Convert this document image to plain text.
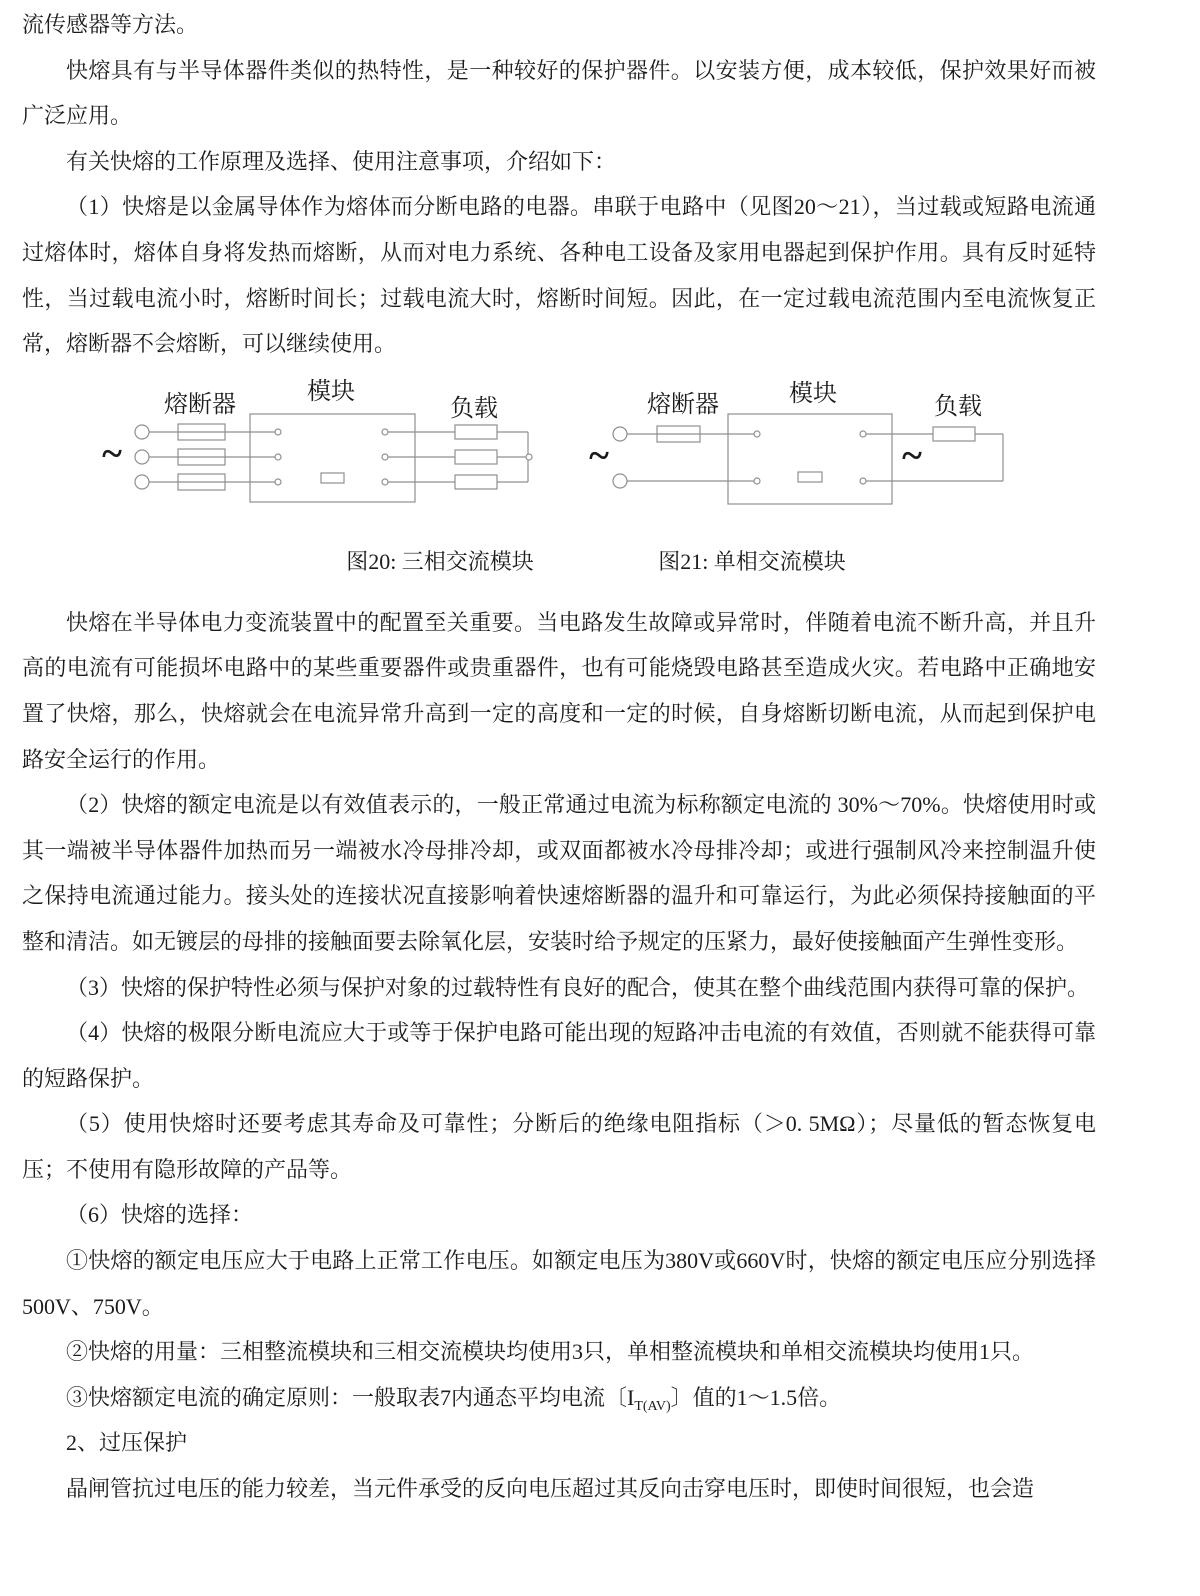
流传感器等方法。

快熔具有与半导体器件类似的热特性，是一种较好的保护器件。以安装方便，成本较低，保护效果好而被广泛应用。

有关快熔的工作原理及选择、使用注意事项，介绍如下：

（1）快熔是以金属导体作为熔体而分断电路的电器。串联于电路中（见图20～21），当过载或短路电流通过熔体时，熔体自身将发热而熔断，从而对电力系统、各种电工设备及家用电器起到保护作用。具有反时延特性，当过载电流小时，熔断时间长；过载电流大时，熔断时间短。因此，在一定过载电流范围内至电流恢复正常，熔断器不会熔断，可以继续使用。

熔断器	模块
负载
~
熔断器	模块	负载
~	~
图20: 三相交流模块	图21: 单相交流模块

快熔在半导体电力变流装置中的配置至关重要。当电路发生故障或异常时，伴随着电流不断升高，并且升高的电流有可能损坏电路中的某些重要器件或贵重器件，也有可能烧毁电路甚至造成火灾。若电路中正确地安置了快熔，那么，快熔就会在电流异常升高到一定的高度和一定的时候，自身熔断切断电流，从而起到保护电路安全运行的作用。

（2）快熔的额定电流是以有效值表示的，一般正常通过电流为标称额定电流的 30%～70%。快熔使用时或其一端被半导体器件加热而另一端被水冷母排冷却，或双面都被水冷母排冷却；或进行强制风冷来控制温升使之保持电流通过能力。接头处的连接状况直接影响着快速熔断器的温升和可靠运行，为此必须保持接触面的平整和清洁。如无镀层的母排的接触面要去除氧化层，安装时给予规定的压紧力，最好使接触面产生弹性变形。

（3）快熔的保护特性必须与保护对象的过载特性有良好的配合，使其在整个曲线范围内获得可靠的保护。

（4）快熔的极限分断电流应大于或等于保护电路可能出现的短路冲击电流的有效值，否则就不能获得可靠的短路保护。

（5）使用快熔时还要考虑其寿命及可靠性；分断后的绝缘电阻指标（＞0. 5MΩ）；尽量低的暂态恢复电压；不使用有隐形故障的产品等。

（6）快熔的选择：

①快熔的额定电压应大于电路上正常工作电压。如额定电压为380V或660V时，快熔的额定电压应分别选择500V、750V。

②快熔的用量：三相整流模块和三相交流模块均使用3只，单相整流模块和单相交流模块均使用1只。

③快熔额定电流的确定原则：一般取表7内通态平均电流〔$I_{T(AV)}$〕值的1～1.5倍。

2、过压保护

晶闸管抗过电压的能力较差，当元件承受的反向电压超过其反向击穿电压时，即使时间很短，也会造
